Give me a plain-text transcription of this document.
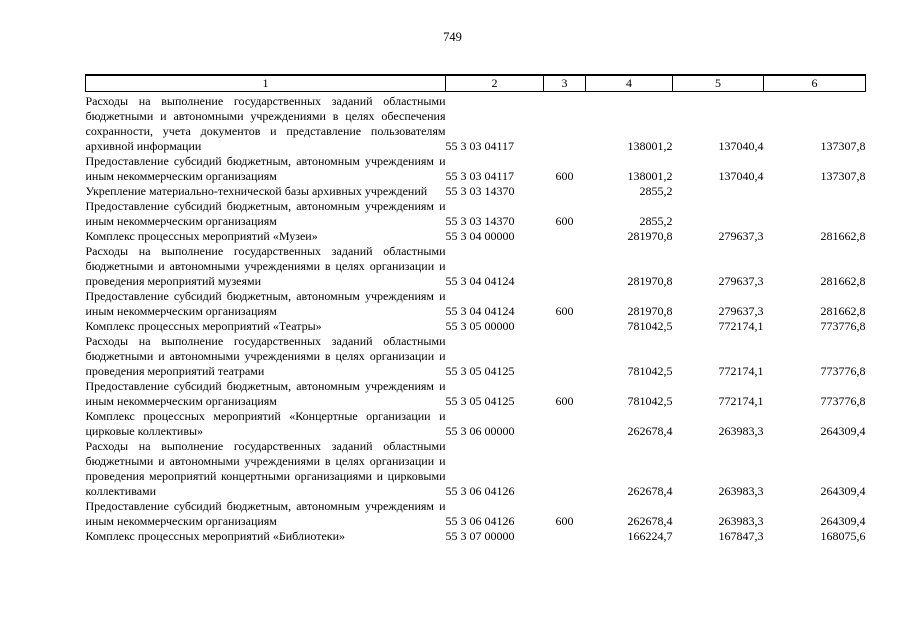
749
1	2	3	4	5	6
Расходы на выполнение государственных заданий областными бюджетными и автономными учреждениями в целях обеспечения сохранности, учета документов и представление пользователям архивной информации	55 3 03 04117		138001,2	137040,4	137307,8
Предоставление субсидий бюджетным, автономным учреждениям и иным некоммерческим организациям	55 3 03 04117	600	138001,2	137040,4	137307,8
Укрепление материально-технической базы архивных учреждений	55 3 03 14370		2855,2		
Предоставление субсидий бюджетным, автономным учреждениям и иным некоммерческим организациям	55 3 03 14370	600	2855,2		
Комплекс процессных мероприятий «Музеи»	55 3 04 00000		281970,8	279637,3	281662,8
Расходы на выполнение государственных заданий областными бюджетными и автономными учреждениями в целях организации и проведения мероприятий музеями	55 3 04 04124		281970,8	279637,3	281662,8
Предоставление субсидий бюджетным, автономным учреждениям и иным некоммерческим организациям	55 3 04 04124	600	281970,8	279637,3	281662,8
Комплекс процессных мероприятий «Театры»	55 3 05 00000		781042,5	772174,1	773776,8
Расходы на выполнение государственных заданий областными бюджетными и автономными учреждениями в целях организации и проведения мероприятий театрами	55 3 05 04125		781042,5	772174,1	773776,8
Предоставление субсидий бюджетным, автономным учреждениям и иным некоммерческим организациям	55 3 05 04125	600	781042,5	772174,1	773776,8
Комплекс процессных мероприятий «Концертные организации и цирковые коллективы»	55 3 06 00000		262678,4	263983,3	264309,4
Расходы на выполнение государственных заданий областными бюджетными и автономными учреждениями в целях организации и проведения мероприятий концертными организациями и цирковыми коллективами	55 3 06 04126		262678,4	263983,3	264309,4
Предоставление субсидий бюджетным, автономным учреждениям и иным некоммерческим организациям	55 3 06 04126	600	262678,4	263983,3	264309,4
Комплекс процессных мероприятий «Библиотеки»	55 3 07 00000		166224,7	167847,3	168075,6
